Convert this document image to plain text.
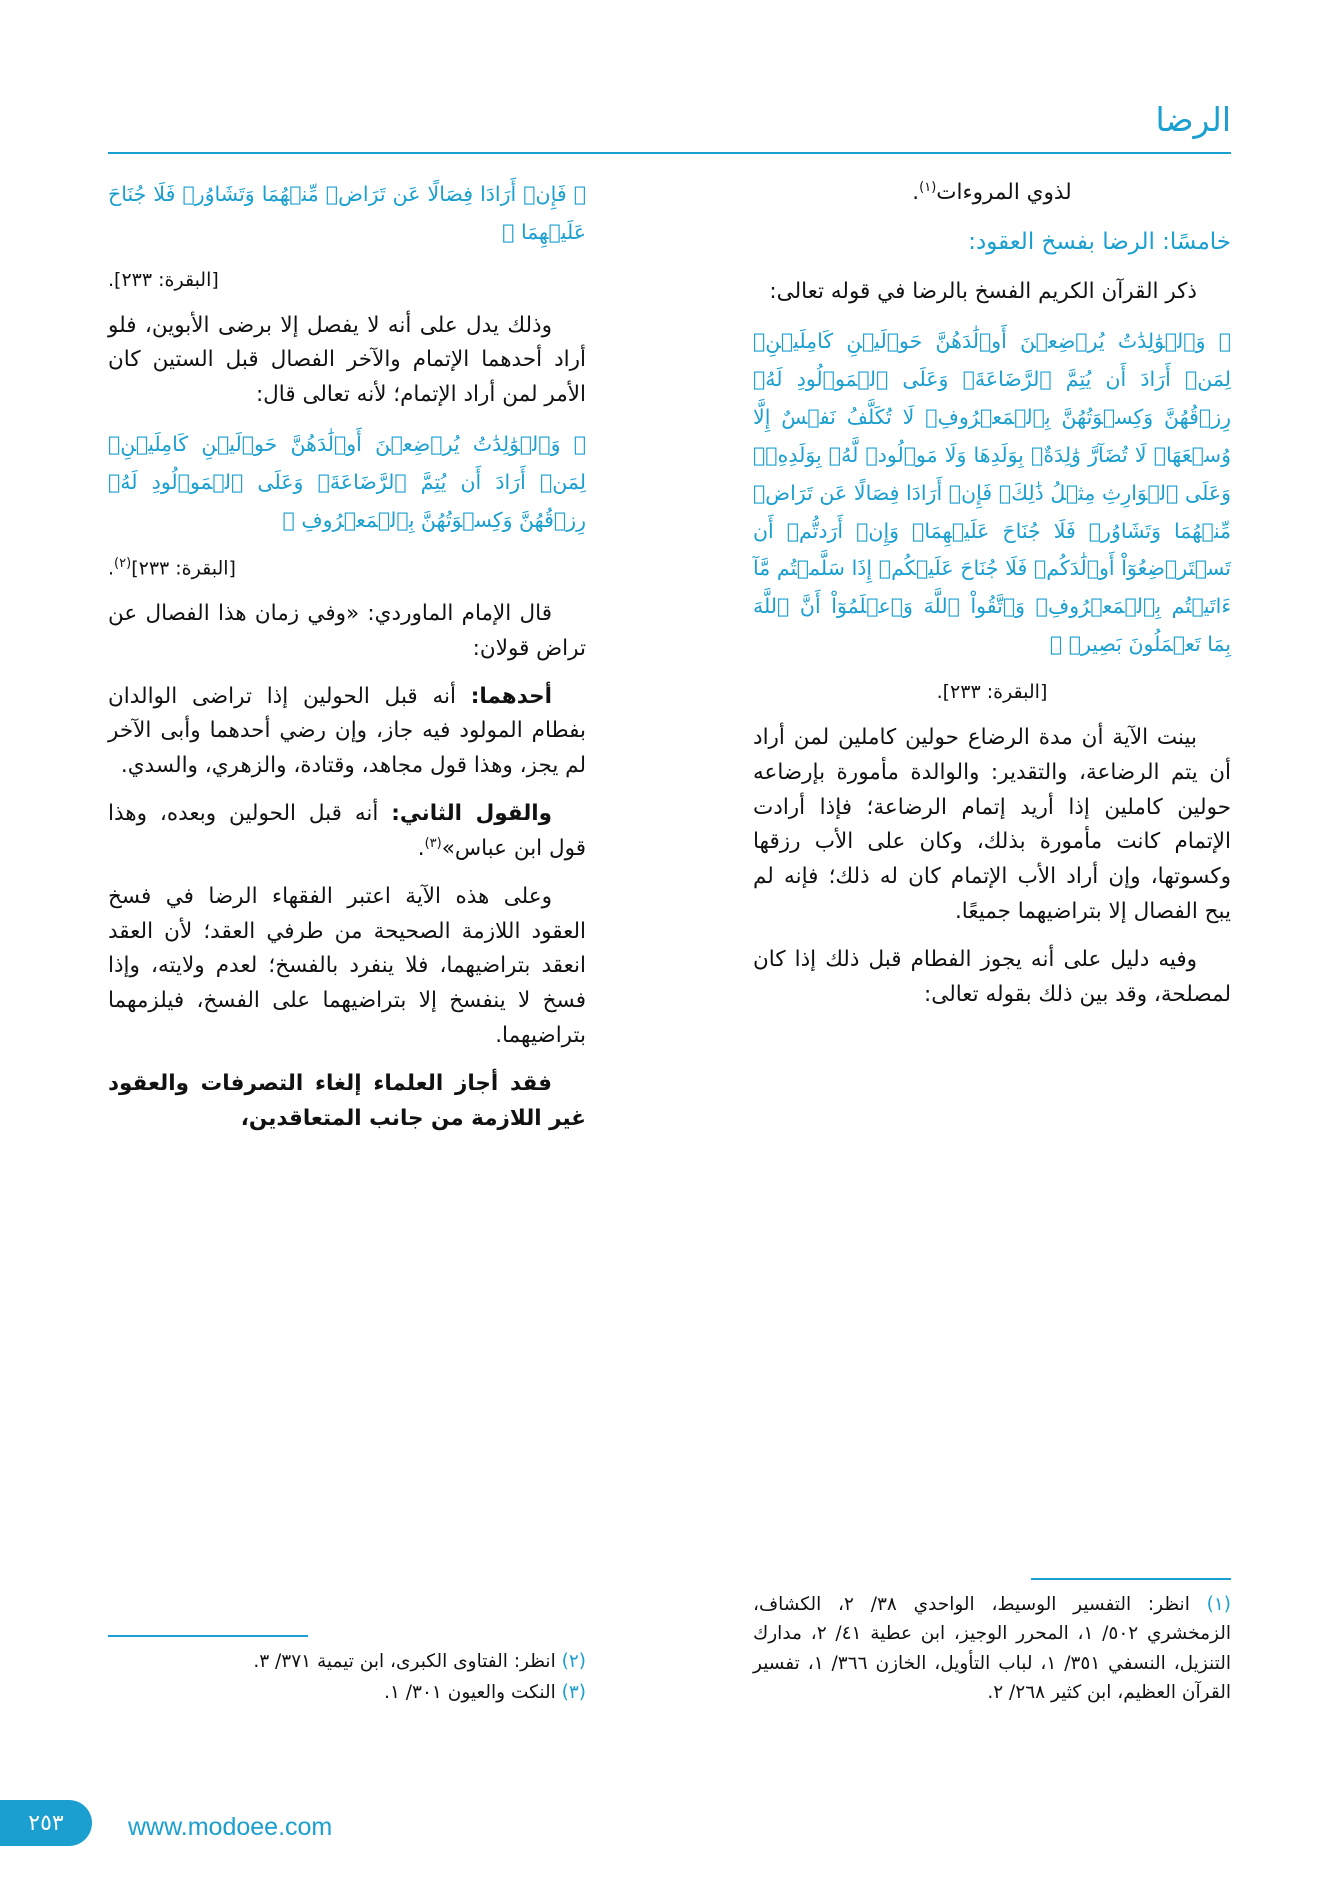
الرضا

لذوي المروءات$^{(١)}$.

خامسًا: الرضا بفسخ العقود:

ذكر القرآن الكريم الفسخ بالرضا في قوله تعالى:

﴿ وَٱلۡوَٰلِدَٰتُ يُرۡضِعۡنَ أَوۡلَٰدَهُنَّ حَوۡلَيۡنِ كَامِلَيۡنِۖ لِمَنۡ أَرَادَ أَن يُتِمَّ ٱلرَّضَاعَةَۚ وَعَلَى ٱلۡمَوۡلُودِ لَهُۥ رِزۡقُهُنَّ وَكِسۡوَتُهُنَّ بِٱلۡمَعۡرُوفِۚ لَا تُكَلَّفُ نَفۡسٌ إِلَّا وُسۡعَهَاۚ لَا تُضَآرَّ وَٰلِدَةٌۢ بِوَلَدِهَا وَلَا مَوۡلُودٞ لَّهُۥ بِوَلَدِهِۦۚ وَعَلَى ٱلۡوَارِثِ مِثۡلُ ذَٰلِكَۗ فَإِنۡ أَرَادَا فِصَالًا عَن تَرَاضٖ مِّنۡهُمَا وَتَشَاوُرٖ فَلَا جُنَاحَ عَلَيۡهِمَاۗ وَإِنۡ أَرَدتُّمۡ أَن تَسۡتَرۡضِعُوٓاْ أَوۡلَٰدَكُمۡ فَلَا جُنَاحَ عَلَيۡكُمۡ إِذَا سَلَّمۡتُم مَّآ ءَاتَيۡتُم بِٱلۡمَعۡرُوفِۗ وَٱتَّقُواْ ٱللَّهَ وَٱعۡلَمُوٓاْ أَنَّ ٱللَّهَ بِمَا تَعۡمَلُونَ بَصِيرٞ ﴾

[البقرة: ٢٣٣].

بينت الآية أن مدة الرضاع حولين كاملين لمن أراد أن يتم الرضاعة، والتقدير: والوالدة مأمورة بإرضاعه حولين كاملين إذا أريد إتمام الرضاعة؛ فإذا أرادت الإتمام كانت مأمورة بذلك، وكان على الأب رزقها وكسوتها، وإن أراد الأب الإتمام كان له ذلك؛ فإنه لم يبح الفصال إلا بتراضيهما جميعًا.

وفيه دليل على أنه يجوز الفطام قبل ذلك إذا كان لمصلحة، وقد بين ذلك بقوله تعالى:

(١) انظر: التفسير الوسيط، الواحدي ٣٨/ ٢، الكشاف، الزمخشري ٥٠٢/ ١، المحرر الوجيز، ابن عطية ٤١/ ٢، مدارك التنزيل، النسفي ٣٥١/ ١، لباب التأويل، الخازن ٣٦٦/ ١، تفسير القرآن العظيم، ابن كثير ٢٦٨/ ٢.

﴿ فَإِنۡ أَرَادَا فِصَالًا عَن تَرَاضٖ مِّنۡهُمَا وَتَشَاوُرٖ فَلَا جُنَاحَ عَلَيۡهِمَا ﴾

[البقرة: ٢٣٣].

وذلك يدل على أنه لا يفصل إلا برضى الأبوين، فلو أراد أحدهما الإتمام والآخر الفصال قبل الستين كان الأمر لمن أراد الإتمام؛ لأنه تعالى قال:

﴿ وَٱلۡوَٰلِدَٰتُ يُرۡضِعۡنَ أَوۡلَٰدَهُنَّ حَوۡلَيۡنِ كَامِلَيۡنِۖ لِمَنۡ أَرَادَ أَن يُتِمَّ ٱلرَّضَاعَةَۚ وَعَلَى ٱلۡمَوۡلُودِ لَهُۥ رِزۡقُهُنَّ وَكِسۡوَتُهُنَّ بِٱلۡمَعۡرُوفِ ﴾

[البقرة: ٢٣٣]$^{(٢)}$.

قال الإمام الماوردي: «وفي زمان هذا الفصال عن تراض قولان:

أحدهما: أنه قبل الحولين إذا تراضى الوالدان بفطام المولود فيه جاز، وإن رضي أحدهما وأبى الآخر لم يجز، وهذا قول مجاهد، وقتادة، والزهري، والسدي.

والقول الثاني: أنه قبل الحولين وبعده، وهذا قول ابن عباس»$^{(٣)}$.

وعلى هذه الآية اعتبر الفقهاء الرضا في فسخ العقود اللازمة الصحيحة من طرفي العقد؛ لأن العقد انعقد بتراضيهما، فلا ينفرد بالفسخ؛ لعدم ولايته، وإذا فسخ لا ينفسخ إلا بتراضيهما على الفسخ، فيلزمهما بتراضيهما.

فقد أجاز العلماء إلغاء التصرفات والعقود غير اللازمة من جانب المتعاقدين،

(٢) انظر: الفتاوى الكبرى، ابن تيمية ٣٧١/ ٣.

(٣) النكت والعيون ٣٠١/ ١.

٢٥٣	www.modoee.com
